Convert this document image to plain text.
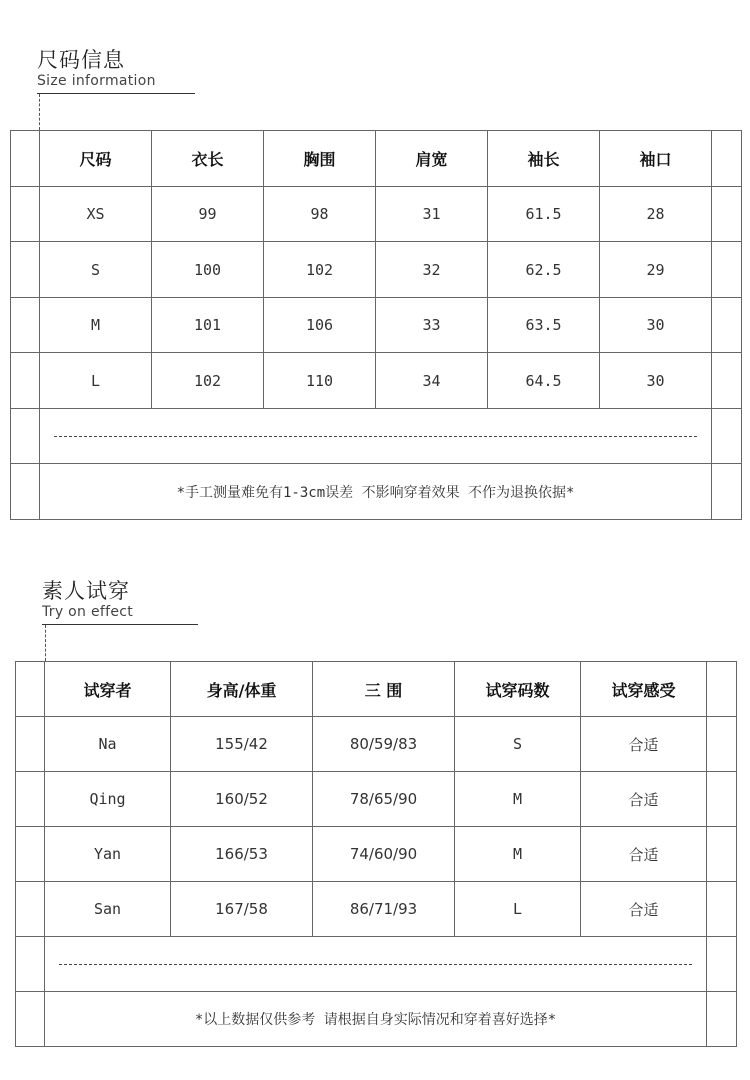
尺码信息
Size information
	尺码	衣长	胸围	肩宽	袖长	袖口	
	XS	99	98	31	61.5	28	
	S	100	102	32	62.5	29	
	M	101	106	33	63.5	30	
	L	102	110	34	64.5	30	

	*手工测量难免有1-3cm误差 不影响穿着效果 不作为退换依据*						
素人试穿
Try on effect
	试穿者	身高/体重	三 围	试穿码数	试穿感受	
	Na	155/42	80/59/83	S	合适	
	Qing	160/52	78/65/90	M	合适	
	Yan	166/53	74/60/90	M	合适	
	San	167/58	86/71/93	L	合适	

	*以上数据仅供参考 请根据自身实际情况和穿着喜好选择*					
